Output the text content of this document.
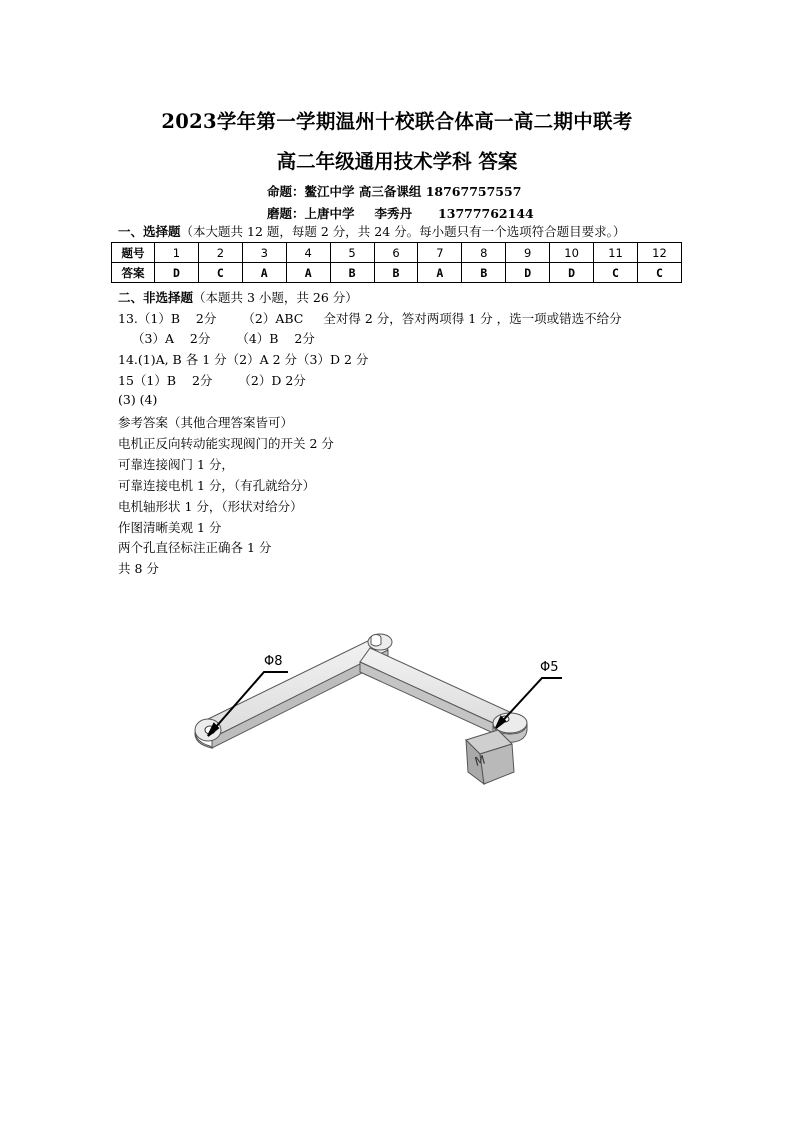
2023学年第一学期温州十校联合体高一高二期中联考
高二年级通用技术学科 答案
命题：鳌江中学 高三备课组 18767757557
磨题：上唐中学 李秀丹 13777762144
一、选择题（本大题共 12 题，每题 2 分，共 24 分。每小题只有一个选项符合题目要求。）
题号	1	2	3	4	5	6	7	8	9	10	11	12
答案	D	C	A	A	B	B	A	B	D	D	C	C
二、非选择题（本题共 3 小题，共 26 分）
13.（1）B    2分 （2）ABC 全对得 2 分，答对两项得 1 分 ，选一项或错选不给分
（3）A    2分 （4）B    2分
14.(1)A, B 各 1 分（2）A 2 分（3）D 2 分
15（1）B    2分 （2）D 2分
(3) (4)
参考答案（其他合理答案皆可）
电机正反向转动能实现阀门的开关 2 分
可靠连接阀门 1 分，
可靠连接电机 1 分，（有孔就给分）
电机轴形状 1 分，（形状对给分）
作图清晰美观 1 分
两个孔直径标注正确各 1 分
共 8 分
M
Φ8	Φ5
